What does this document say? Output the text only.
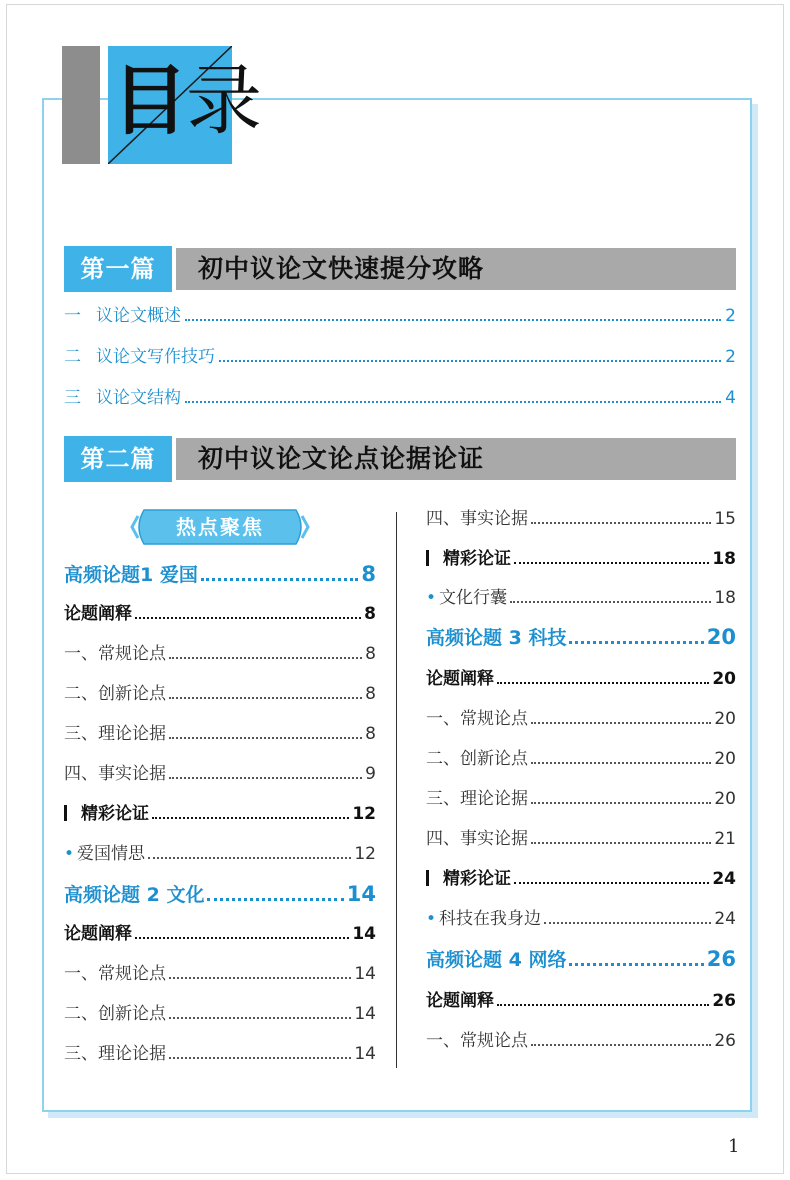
目录
第一篇	初中议论文快速提分攻略
一 议论文概述	2
二 议论文写作技巧	2
三 议论文结构	4
第二篇	初中议论文论点论据论证
热点聚焦
高频论题1 爱国	8
论题阐释	8
一、常规论点	8
二、创新论点	8
三、理论论据	8
四、事实论据	9
精彩论证	12
• 爱国情思	12
高频论题 2 文化	14
论题阐释	14
一、常规论点	14
二、创新论点	14
三、理论论据	14
四、事实论据	15
精彩论证	18
• 文化行囊	18
高频论题 3 科技	20
论题阐释	20
一、常规论点	20
二、创新论点	20
三、理论论据	20
四、事实论据	21
精彩论证	24
• 科技在我身边	24
高频论题 4 网络	26
论题阐释	26
一、常规论点	26
1
